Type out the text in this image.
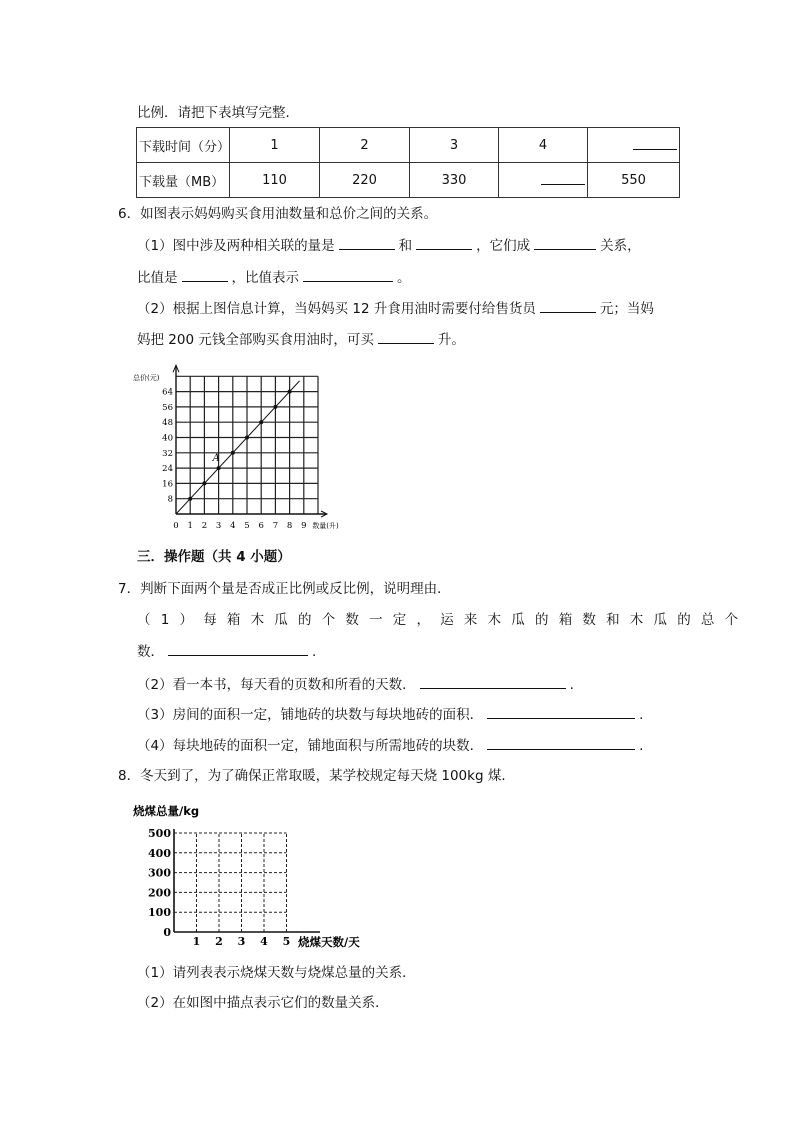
比例．请把下表填写完整．
下载时间（分）	1	2	3	4	
下载量（MB）	110	220	330		550
6．如图表示妈妈购买食用油数量和总价之间的关系。
（1）图中涉及两种相关联的量是	和	，它们成	关系，
比值是	，比值表示	。
（2）根据上图信息计算，当妈妈买 12 升食用油时需要付给售货员	元；当妈
妈把 200 元钱全部购买食用油时，可买	升。
0 1 2 3 4 5 6 7 8 9
8
16
24
32
40
48
56
64
数量(升)
总价(元)
A
三．操作题（共 4 小题）
7．判断下面两个量是否成正比例或反比例，说明理由．
（1）每箱木瓜的个数一定，运来木瓜的箱数和木瓜的总个
数．	.
（2）看一本书，每天看的页数和所看的天数．	.
（3）房间的面积一定，铺地砖的块数与每块地砖的面积．	.
（4）每块地砖的面积一定，铺地面积与所需地砖的块数．	.
8．冬天到了，为了确保正常取暖，某学校规定每天烧 100kg 煤．
1 2 3 4 5
0
100
200
300
400
500
烧煤天数/天
烧煤总量/kg
（1）请列表表示烧煤天数与烧煤总量的关系．
（2）在如图中描点表示它们的数量关系．
